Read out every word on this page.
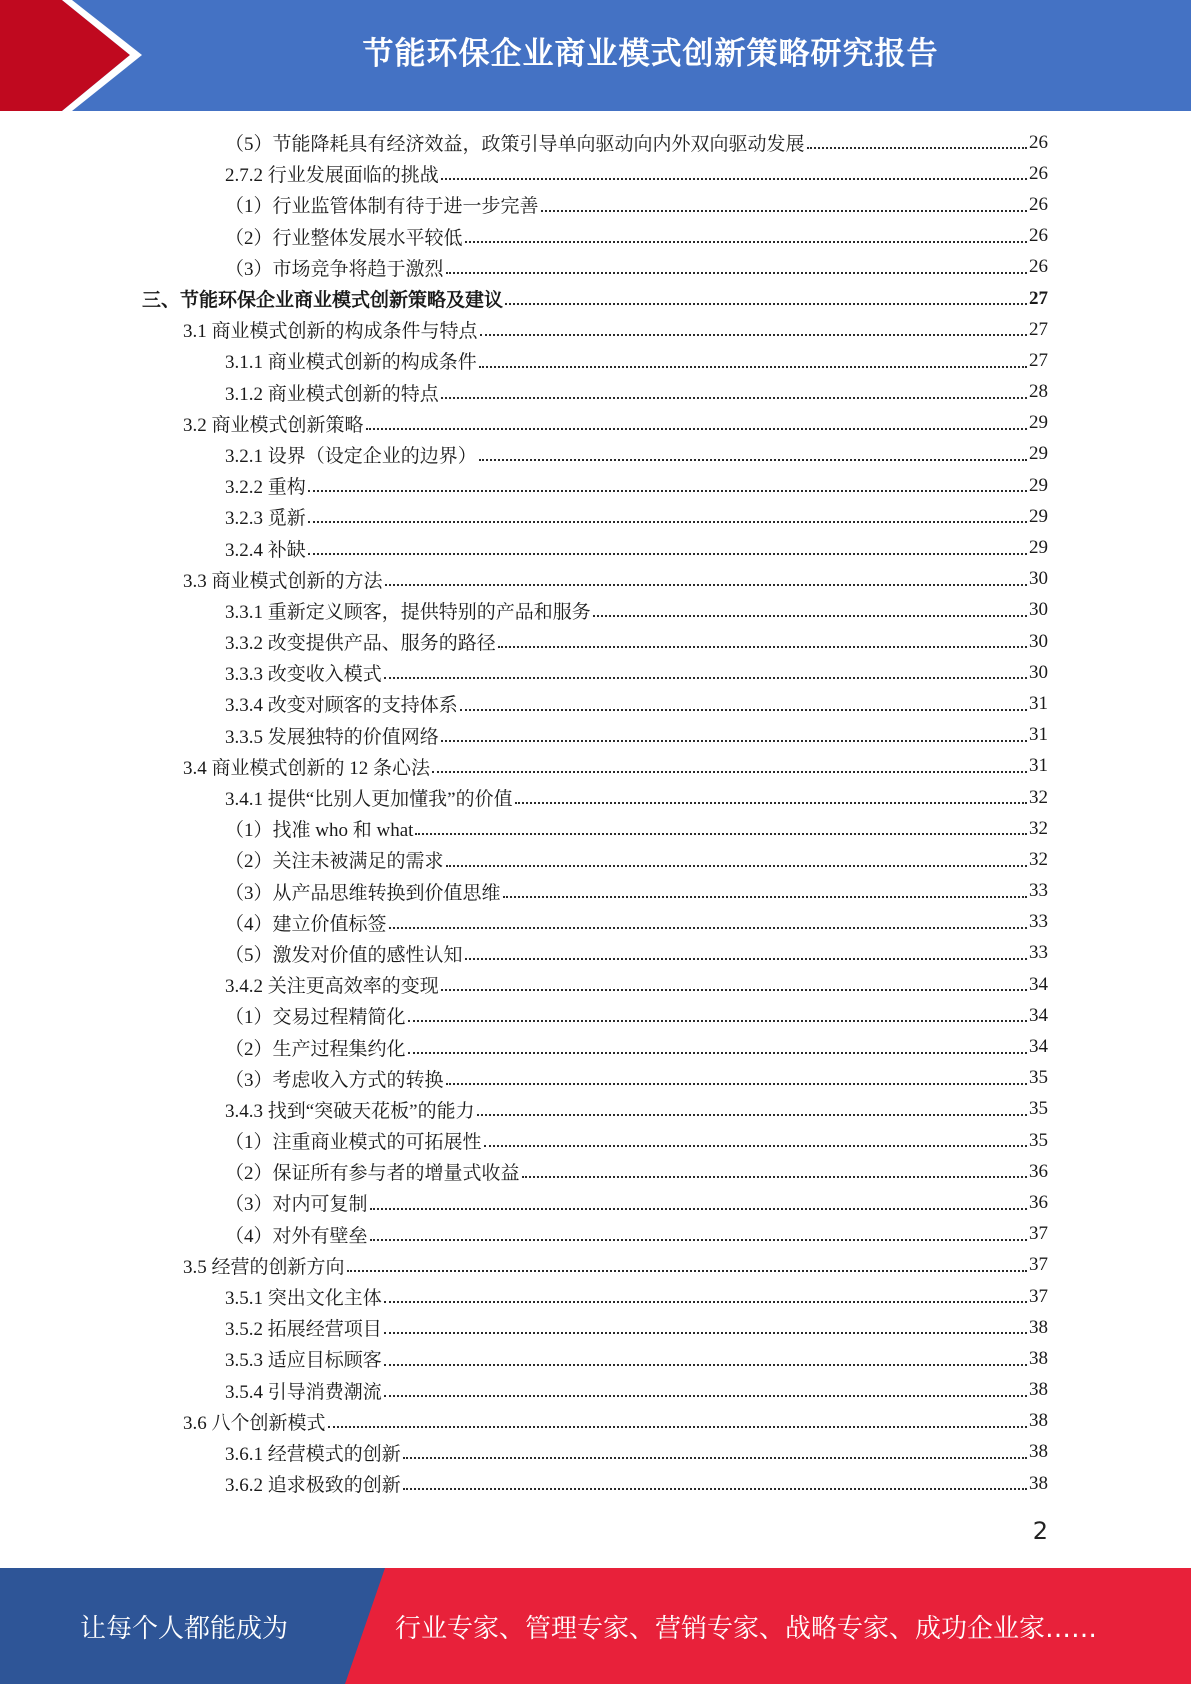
节能环保企业商业模式创新策略研究报告
（5）节能降耗具有经济效益，政策引导单向驱动向内外双向驱动发展	26
2.7.2 行业发展面临的挑战	26
（1）行业监管体制有待于进一步完善	26
（2）行业整体发展水平较低	26
（3）市场竞争将趋于激烈	26
三、节能环保企业商业模式创新策略及建议	27
3.1 商业模式创新的构成条件与特点	27
3.1.1 商业模式创新的构成条件	27
3.1.2 商业模式创新的特点	28
3.2 商业模式创新策略	29
3.2.1 设界（设定企业的边界）	29
3.2.2 重构	29
3.2.3 觅新	29
3.2.4 补缺	29
3.3 商业模式创新的方法	30
3.3.1 重新定义顾客，提供特别的产品和服务	30
3.3.2 改变提供产品、服务的路径	30
3.3.3 改变收入模式	30
3.3.4 改变对顾客的支持体系	31
3.3.5 发展独特的价值网络	31
3.4 商业模式创新的 12 条心法	31
3.4.1 提供“比别人更加懂我”的价值	32
（1）找准 who 和 what	32
（2）关注未被满足的需求	32
（3）从产品思维转换到价值思维	33
（4）建立价值标签	33
（5）激发对价值的感性认知	33
3.4.2 关注更高效率的变现	34
（1）交易过程精简化	34
（2）生产过程集约化	34
（3）考虑收入方式的转换	35
3.4.3 找到“突破天花板”的能力	35
（1）注重商业模式的可拓展性	35
（2）保证所有参与者的增量式收益	36
（3）对内可复制	36
（4）对外有壁垒	37
3.5 经营的创新方向	37
3.5.1 突出文化主体	37
3.5.2 拓展经营项目	38
3.5.3 适应目标顾客	38
3.5.4 引导消费潮流	38
3.6 八个创新模式	38
3.6.1 经营模式的创新	38
3.6.2 追求极致的创新	38
2
让每个人都能成为	行业专家、管理专家、营销专家、战略专家、成功企业家……
